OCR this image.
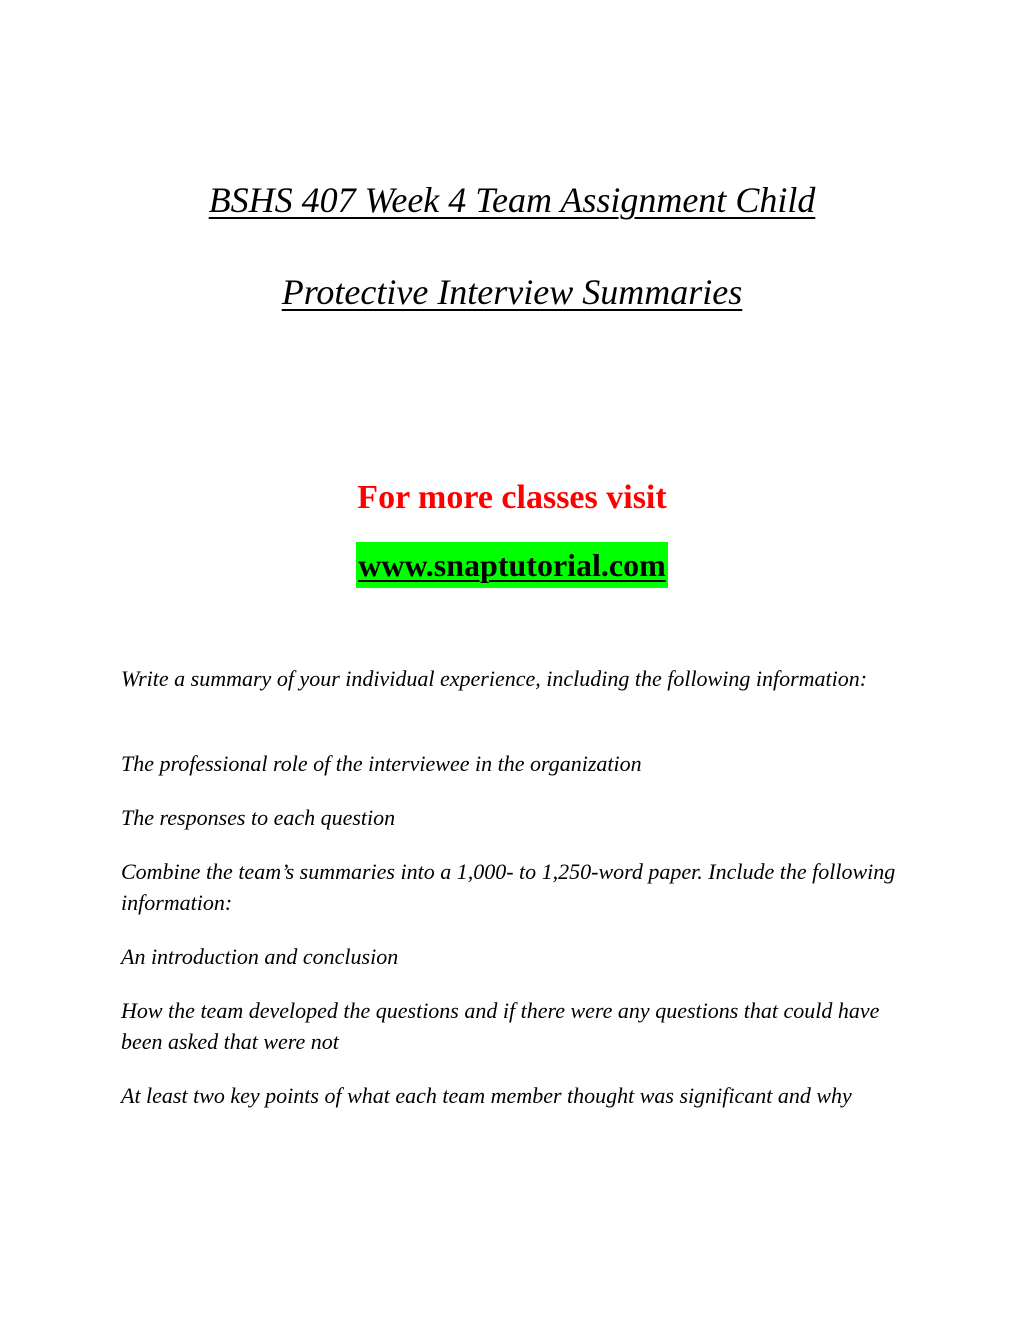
BSHS 407 Week 4 Team Assignment Child
Protective Interview Summaries
For more classes visit
www.snaptutorial.com

Write a summary of your individual experience, including the following information:

The professional role of the interviewee in the organization

The responses to each question

Combine the team’s summaries into a 1,000- to 1,250-word paper. Include the following information:

An introduction and conclusion

How the team developed the questions and if there were any questions that could have been asked that were not

At least two key points of what each team member thought was significant and why
